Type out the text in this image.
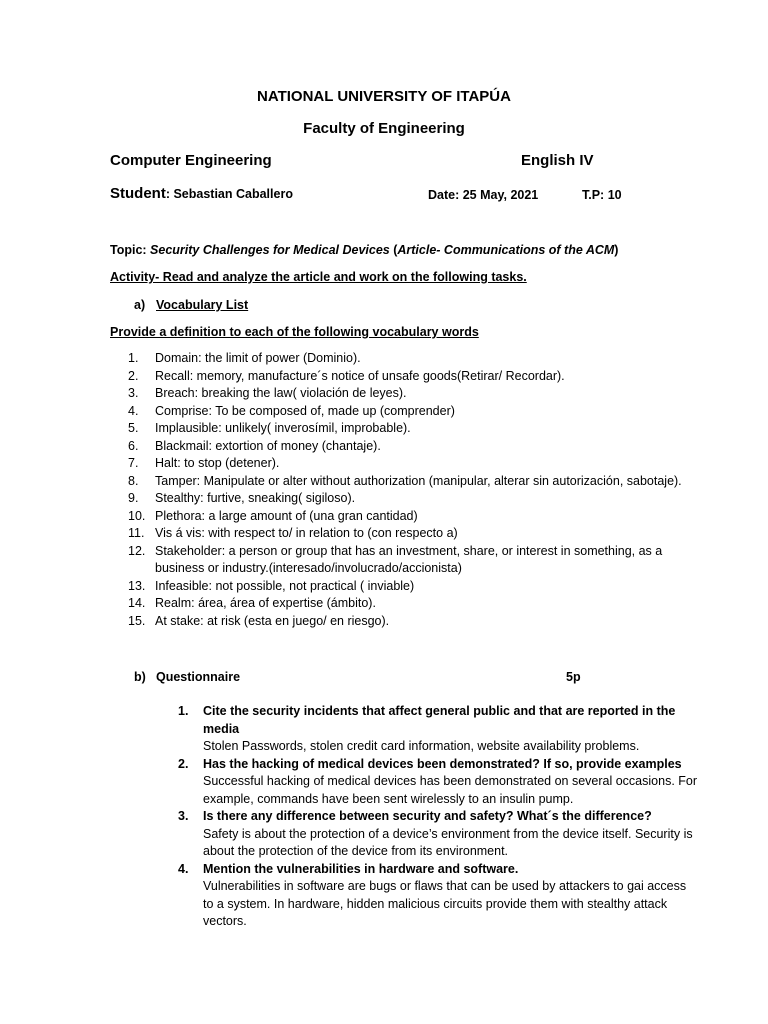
NATIONAL UNIVERSITY OF ITAPÚA
Faculty of Engineering
Computer Engineering	English IV
Student: Sebastian Caballero	Date: 25 May, 2021	T.P: 10
Topic: Security Challenges for Medical Devices (Article- Communications of the ACM)
Activity- Read and analyze the article and work on the following tasks.
a) Vocabulary List
Provide a definition to each of the following vocabulary words
1. Domain: the limit of power (Dominio).
2. Recall: memory, manufacture´s notice of unsafe goods(Retirar/ Recordar).
3. Breach: breaking the law( violación de leyes).
4. Comprise: To be composed of, made up (comprender)
5. Implausible: unlikely( inverosímil, improbable).
6. Blackmail: extortion of money (chantaje).
7. Halt: to stop (detener).
8. Tamper: Manipulate or alter without authorization (manipular, alterar sin autorización, sabotaje).
9. Stealthy: furtive, sneaking( sigiloso).
10. Plethora: a large amount of (una gran cantidad)
11. Vis á vis: with respect to/ in relation to (con respecto a)
12. Stakeholder: a person or group that has an investment, share, or interest in something, as a business or industry.(interesado/involucrado/accionista)
13. Infeasible: not possible, not practical ( inviable)
14. Realm: área, área of expertise (ámbito).
15. At stake: at risk (esta en juego/ en riesgo).
b) Questionnaire	5p
1. Cite the security incidents that affect general public and that are reported in the media
Stolen Passwords, stolen credit card information, website availability problems.
2. Has the hacking of medical devices been demonstrated? If so, provide examples
Successful hacking of medical devices has been demonstrated on several occasions. For example, commands have been sent wirelessly to an insulin pump.
3. Is there any difference between security and safety? What´s the difference?
Safety is about the protection of a device’s environment from the device itself. Security is about the protection of the device from its environment.
4. Mention the vulnerabilities in hardware and software.
Vulnerabilities in software are bugs or flaws that can be used by attackers to gai access to a system. In hardware, hidden malicious circuits provide them with stealthy attack vectors.
